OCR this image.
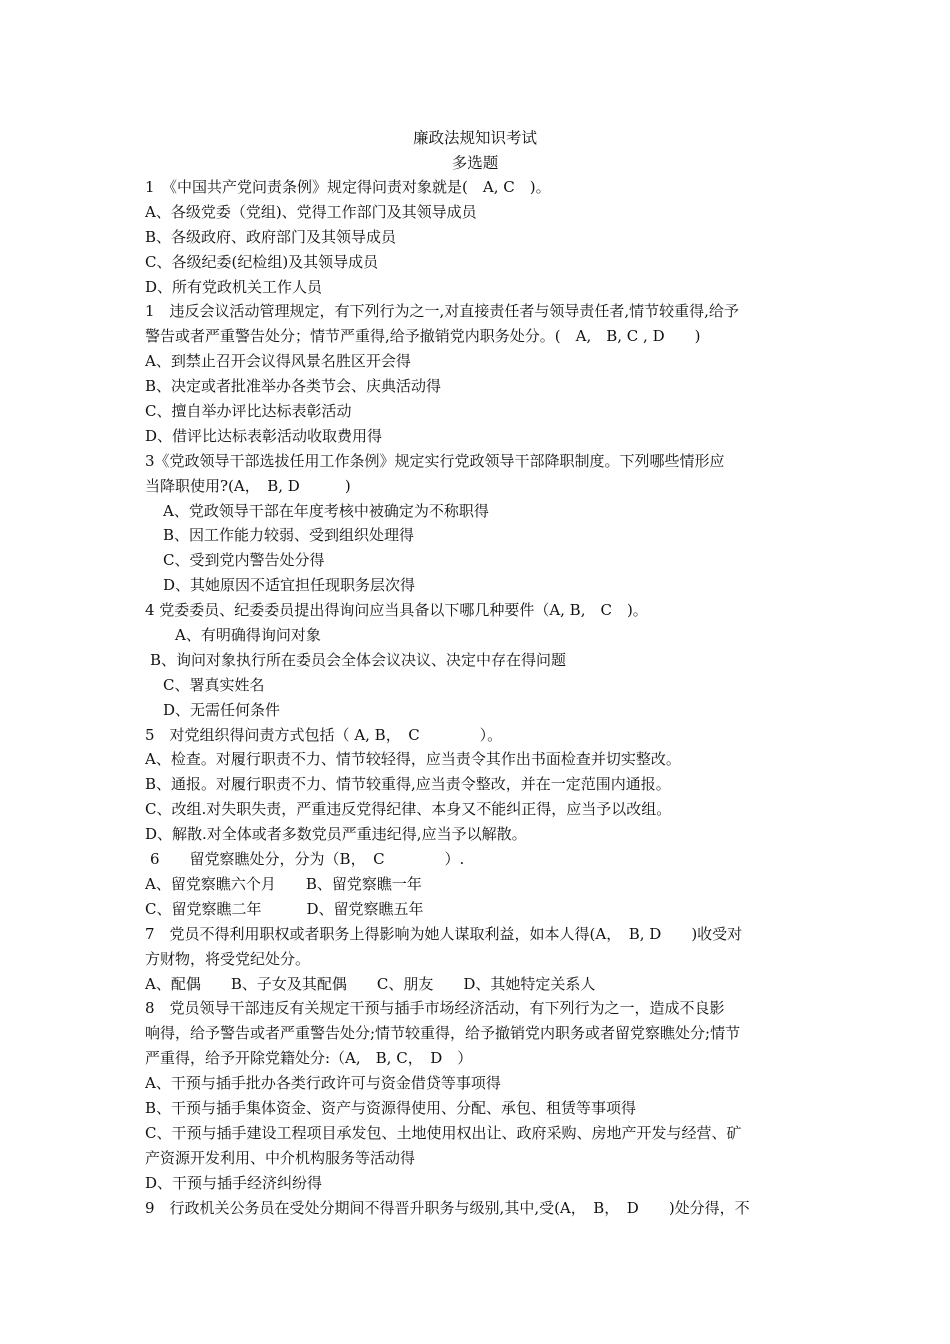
廉政法规知识考试
多选题
1　《中国共产党问责条例》规定得问责对象就是(　A, C　)。
A、各级党委（党组)、党得工作部门及其领导成员
B、各级政府、政府部门及其领导成员
C、各级纪委(纪检组)及其领导成员
D、所有党政机关工作人员
1　违反会议活动管理规定，有下列行为之一,对直接责任者与领导责任者,情节较重得,给予
警告或者严重警告处分；情节严重得,给予撤销党内职务处分。(　A,　B, C , D　　)
A、到禁止召开会议得风景名胜区开会得
B、决定或者批准举办各类节会、庆典活动得
C、擅自举办评比达标表彰活动
D、借评比达标表彰活动收取费用得
3《党政领导干部选拔任用工作条例》规定实行党政领导干部降职制度。下列哪些情形应
当降职使用?(A，　B, D　　　)
A、党政领导干部在年度考核中被确定为不称职得
B、因工作能力较弱、受到组织处理得
C、受到党内警告处分得
D、其她原因不适宜担任现职务层次得
4 党委委员、纪委委员提出得询问应当具备以下哪几种要件（A, B,　C　)。
A、有明确得询问对象
B、询问对象执行所在委员会全体会议决议、决定中存在得问题
C、署真实姓名
D、无需任何条件
5　对党组织得问责方式包括（ A, B，　C　　　　）。
A、检查。对履行职责不力、情节较轻得，应当责令其作出书面检查并切实整改。
B、通报。对履行职责不力、情节较重得,应当责令整改，并在一定范围内通报。
C、改组.对失职失责，严重违反党得纪律、本身又不能纠正得，应当予以改组。
D、解散.对全体或者多数党员严重违纪得,应当予以解散。
6　　留党察瞧处分，分为（B，　C　　　　）.
A、留党察瞧六个月　　B、留党察瞧一年
C、留党察瞧二年　　　D、留党察瞧五年
7　党员不得利用职权或者职务上得影响为她人谋取利益，如本人得(A，　B, D　　)收受对
方财物，将受党纪处分。
A、配偶　　B、子女及其配偶　　C、朋友　　D、其她特定关系人
8　党员领导干部违反有关规定干预与插手市场经济活动，有下列行为之一，造成不良影
响得，给予警告或者严重警告处分;情节较重得，给予撤销党内职务或者留党察瞧处分;情节
严重得，给予开除党籍处分:（A,　B, C，　D　）
A、干预与插手批办各类行政许可与资金借贷等事项得
B、干预与插手集体资金、资产与资源得使用、分配、承包、租赁等事项得
C、干预与插手建设工程项目承发包、土地使用权出让、政府采购、房地产开发与经营、矿
产资源开发利用、中介机构服务等活动得
D、干预与插手经济纠纷得
9　行政机关公务员在受处分期间不得晋升职务与级别,其中,受(A，　B，　D　　)处分得，不
